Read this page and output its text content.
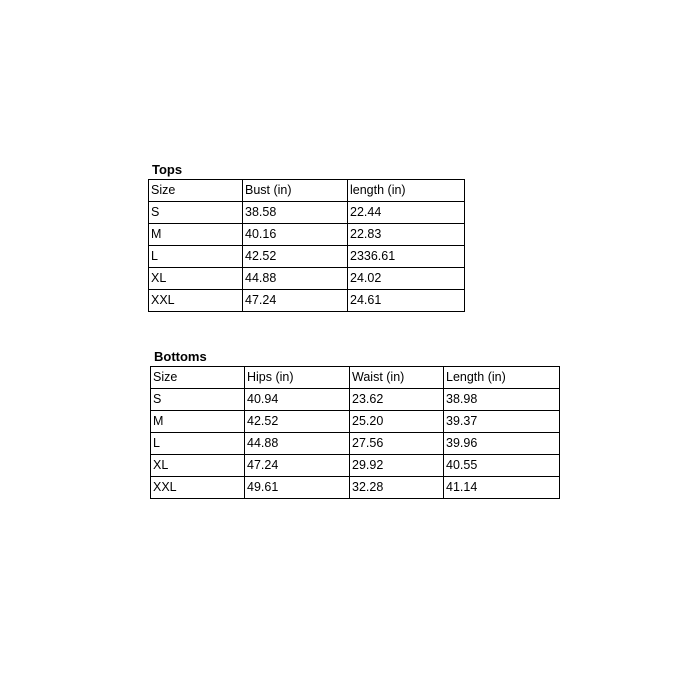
Tops
Size	Bust (in)	length (in)
S	38.58	22.44
M	40.16	22.83
L	42.52	2336.61
XL	44.88	24.02
XXL	47.24	24.61
Bottoms
Size	Hips (in)	Waist (in)	Length (in)
S	40.94	23.62	38.98
M	42.52	25.20	39.37
L	44.88	27.56	39.96
XL	47.24	29.92	40.55
XXL	49.61	32.28	41.14
